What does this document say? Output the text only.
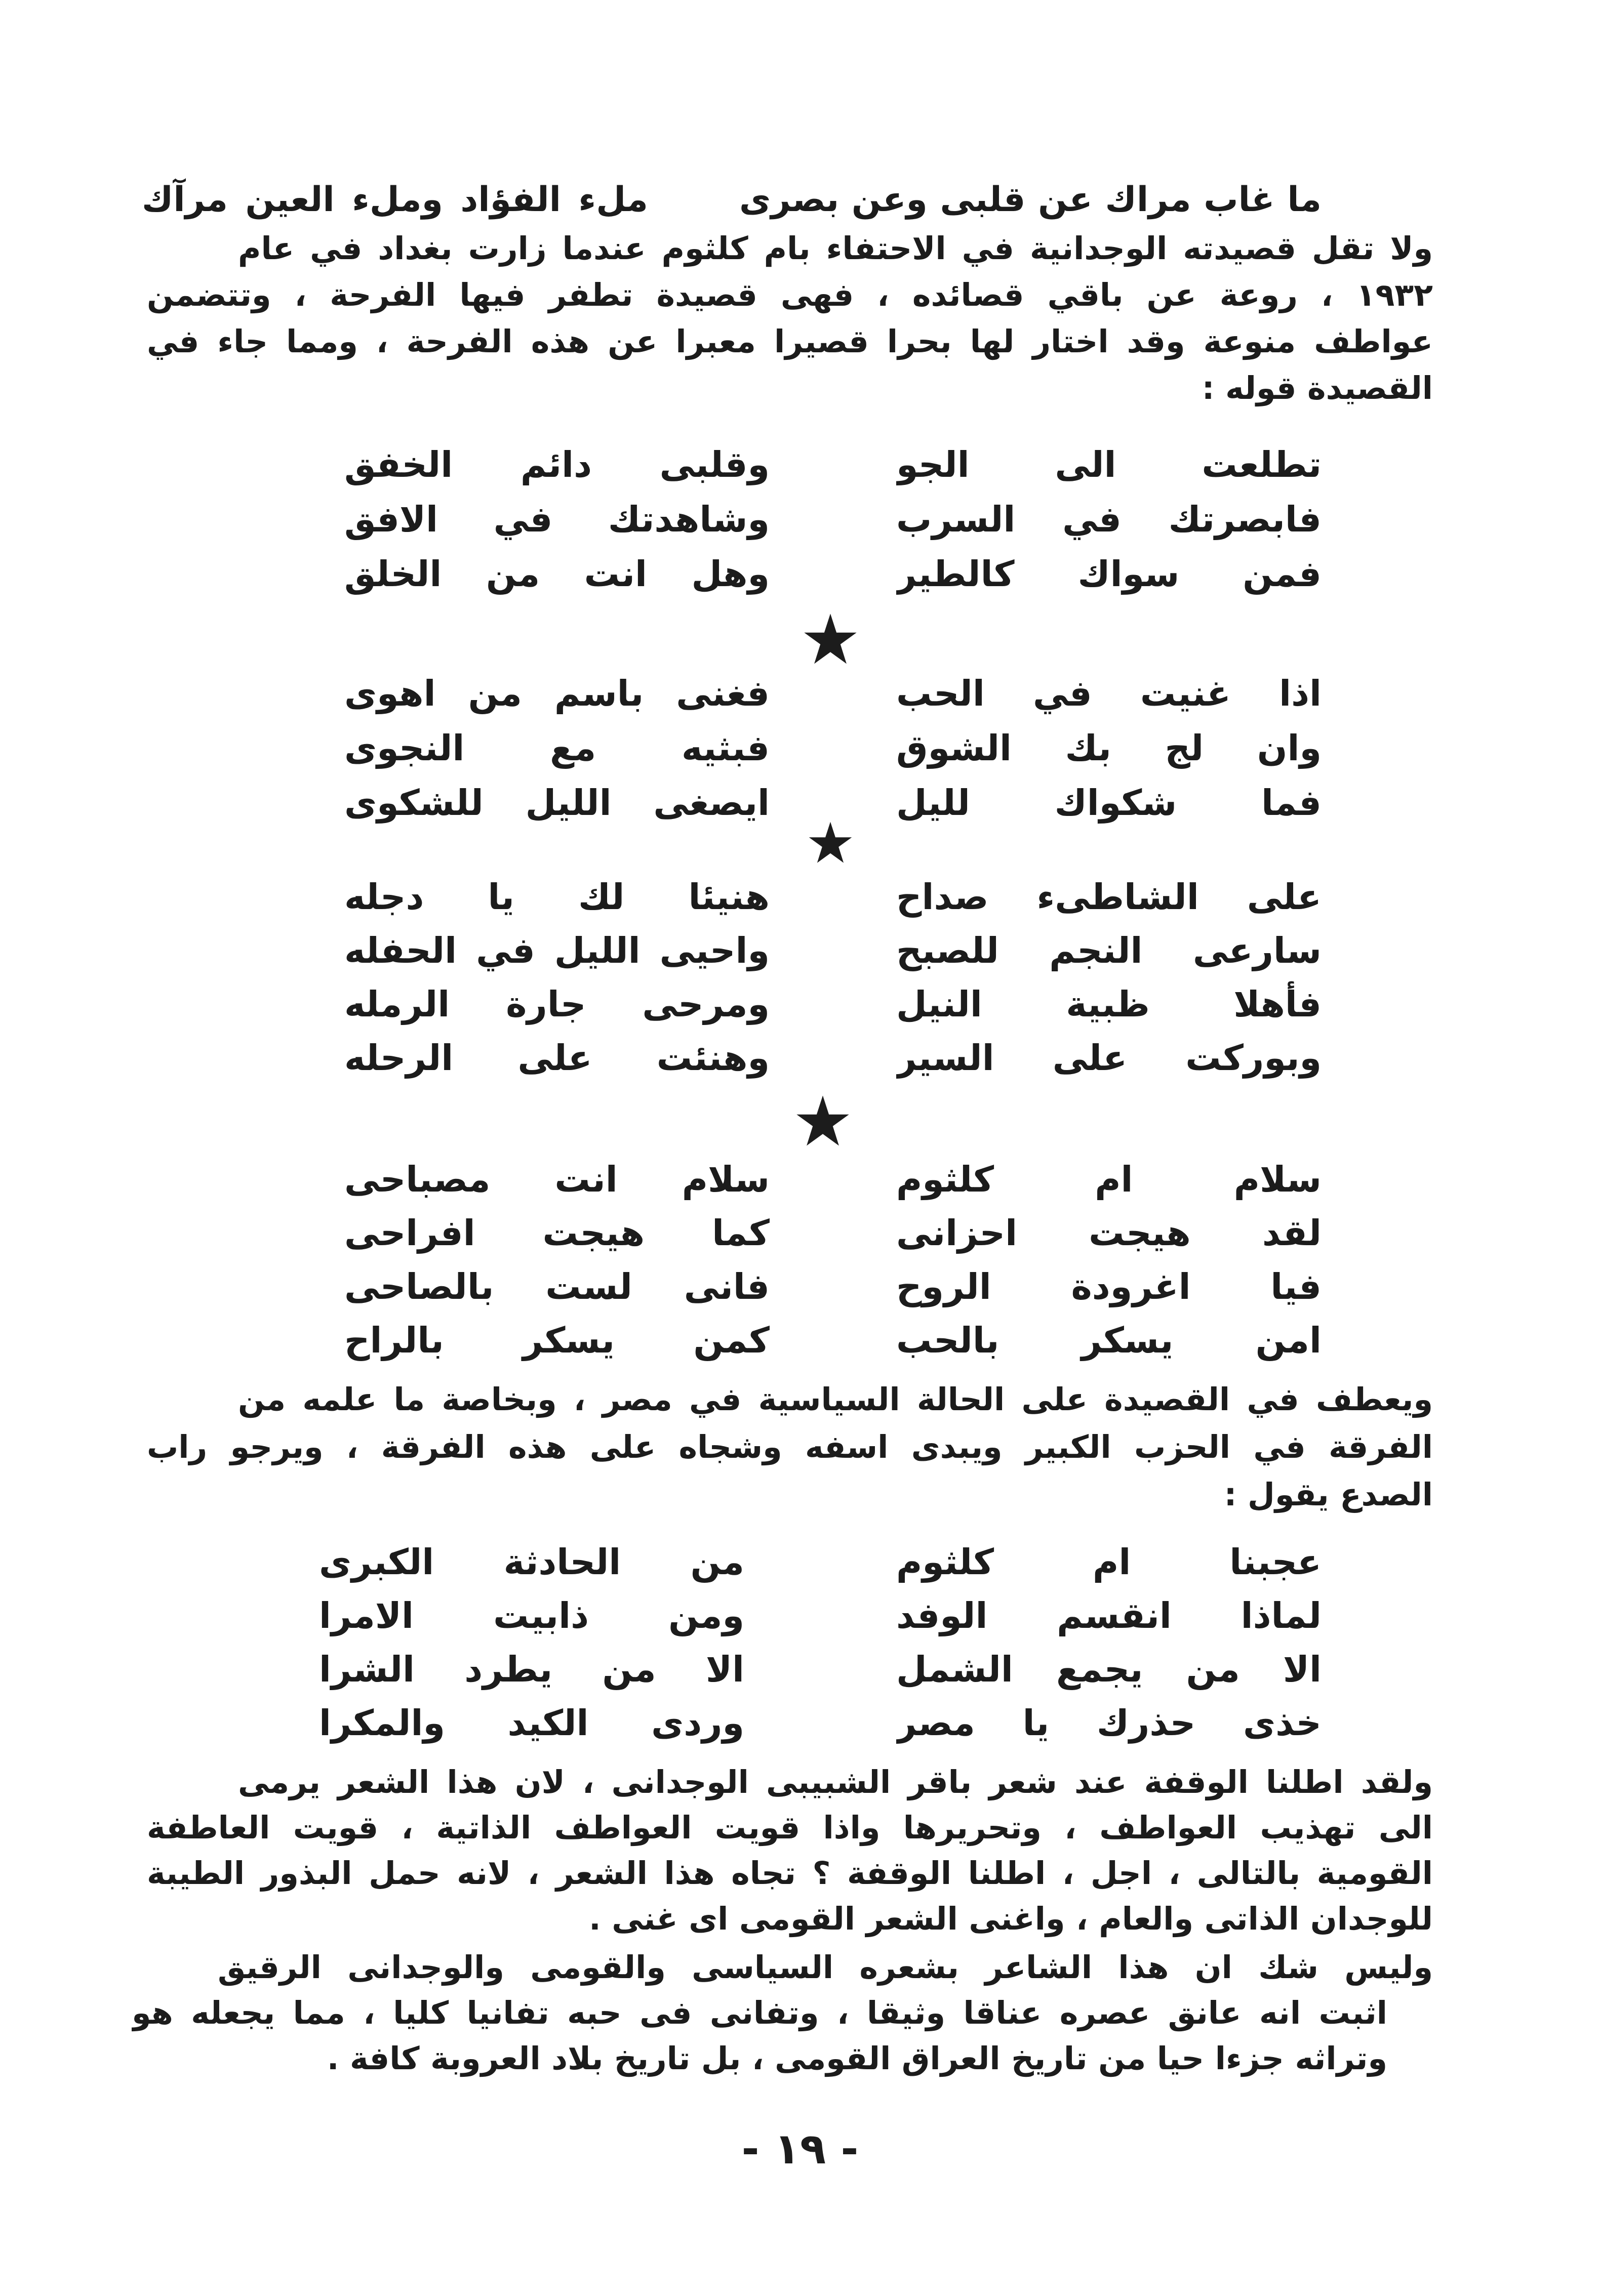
ما غاب مراك عن قلبى وعن بصرى
ملء الفؤاد وملء العين مرآك
ولا تقل قصيدته الوجدانية في الاحتفاء بام كلثوم عندما زارت بغداد في عام
١٩٣٢ ، روعة عن باقي قصائده ، فهى قصيدة تطفر فيها الفرحة ، وتتضمن
عواطف منوعة وقد اختار لها بحرا قصيرا معبرا عن هذه الفرحة ، ومما جاء في
القصيدة قوله :
تطلعت الى الجو
وقلبى دائم الخفق
فابصرتك في السرب
وشاهدتك في الافق
فمن سواك كالطير
وهل انت من الخلق
اذا غنيت في الحب
فغنى باسم من اهوى
وان لج بك الشوق
فبثيه مع النجوى
فما شكواك لليل
ايصغى الليل للشكوى
على الشاطىء صداح
هنيئا لك يا دجله
سارعى النجم للصبح
واحيى الليل في الحفله
فأهلا ظبية النيل
ومرحى جارة الرمله
وبوركت على السير
وهنئت على الرحله
سلام ام كلثوم
سلام انت مصباحى
لقد هيجت احزانى
كما هيجت افراحى
فيا اغرودة الروح
فانى لست بالصاحى
امن يسكر بالحب
كمن يسكر بالراح
ويعطف في القصيدة على الحالة السياسية في مصر ، وبخاصة ما علمه من
الفرقة في الحزب الكبير ويبدى اسفه وشجاه على هذه الفرقة ، ويرجو راب
الصدع يقول :
عجبنا ام كلثوم
من الحادثة الكبرى
لماذا انقسم الوفد
ومن ذابيت الامرا
الا من يجمع الشمل
الا من يطرد الشرا
خذى حذرك يا مصر
وردى الكيد والمكرا
ولقد اطلنا الوقفة عند شعر باقر الشبيبى الوجدانى ، لان هذا الشعر يرمى
الى تهذيب العواطف ، وتحريرها واذا قويت العواطف الذاتية ، قويت العاطفة
القومية بالتالى ، اجل ، اطلنا الوقفة ؟ تجاه هذا الشعر ، لانه حمل البذور الطيبة
للوجدان الذاتى والعام ، واغنى الشعر القومى اى غنى .
وليس شك ان هذا الشاعر بشعره السياسى والقومى والوجدانى الرقيق
اثبت انه عانق عصره عناقا وثيقا ، وتفانى فى حبه تفانيا كليا ، مما يجعله هو
وتراثه جزءا حيا من تاريخ العراق القومى ، بل تاريخ بلاد العروبة كافة .
- ١٩ -
